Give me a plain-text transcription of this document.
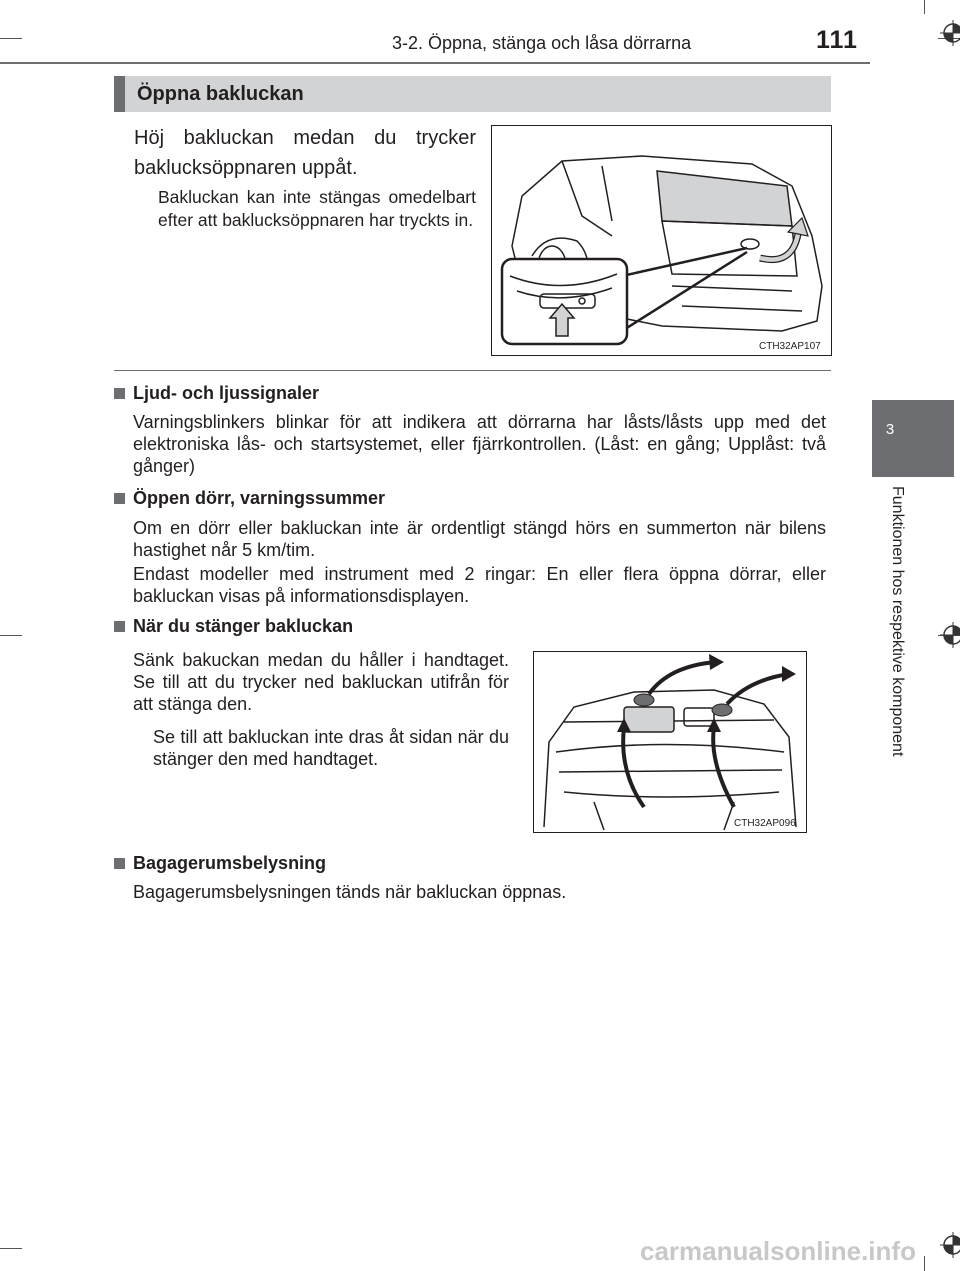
3-2. Öppna, stänga och låsa dörrarna	111
3
Funktionen hos respektive komponent
Öppna bakluckan
Höj bakluckan medan du trycker baklucksöppnaren uppåt.
Bakluckan kan inte stängas omedelbart efter att baklucksöppnaren har tryckts in.
CTH32AP107
Ljud- och ljussignaler
Varningsblinkers blinkar för att indikera att dörrarna har låsts/låsts upp med det elektroniska lås- och startsystemet, eller fjärrkontrollen. (Låst: en gång; Upplåst: två gånger)
Öppen dörr, varningssummer
Om en dörr eller bakluckan inte är ordentligt stängd hörs en summerton när bilens hastighet når 5 km/tim.
Endast modeller med instrument med 2 ringar: En eller flera öppna dörrar, eller bakluckan visas på informationsdisplayen.
När du stänger bakluckan
Sänk bakuckan medan du håller i handtaget. Se till att du trycker ned bakluckan utifrån för att stänga den.
Se till att bakluckan inte dras åt sidan när du stänger den med handtaget.
CTH32AP096
Bagagerumsbelysning
Bagagerumsbelysningen tänds när bakluckan öppnas.
carmanualsonline.info
